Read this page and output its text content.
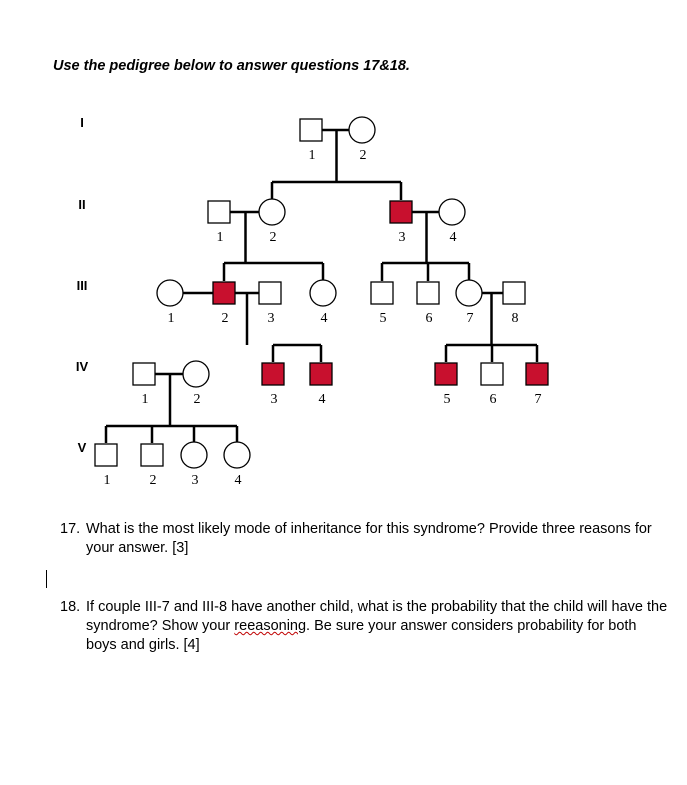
Use the pedigree below to answer questions 17&18.

I
1	2
II
1	2	3	4
III
1	2	3	4	5	6 7	8
IV
1	2	3	4	5	6	7
V
1	2	3	4
17. What is the most likely mode of inheritance for this syndrome? Provide three reasons for your answer. [3]
18. If couple III-7 and III-8 have another child, what is the probability that the child will have the syndrome? Show your reeasoning. Be sure your answer considers probability for both boys and girls. [4]
